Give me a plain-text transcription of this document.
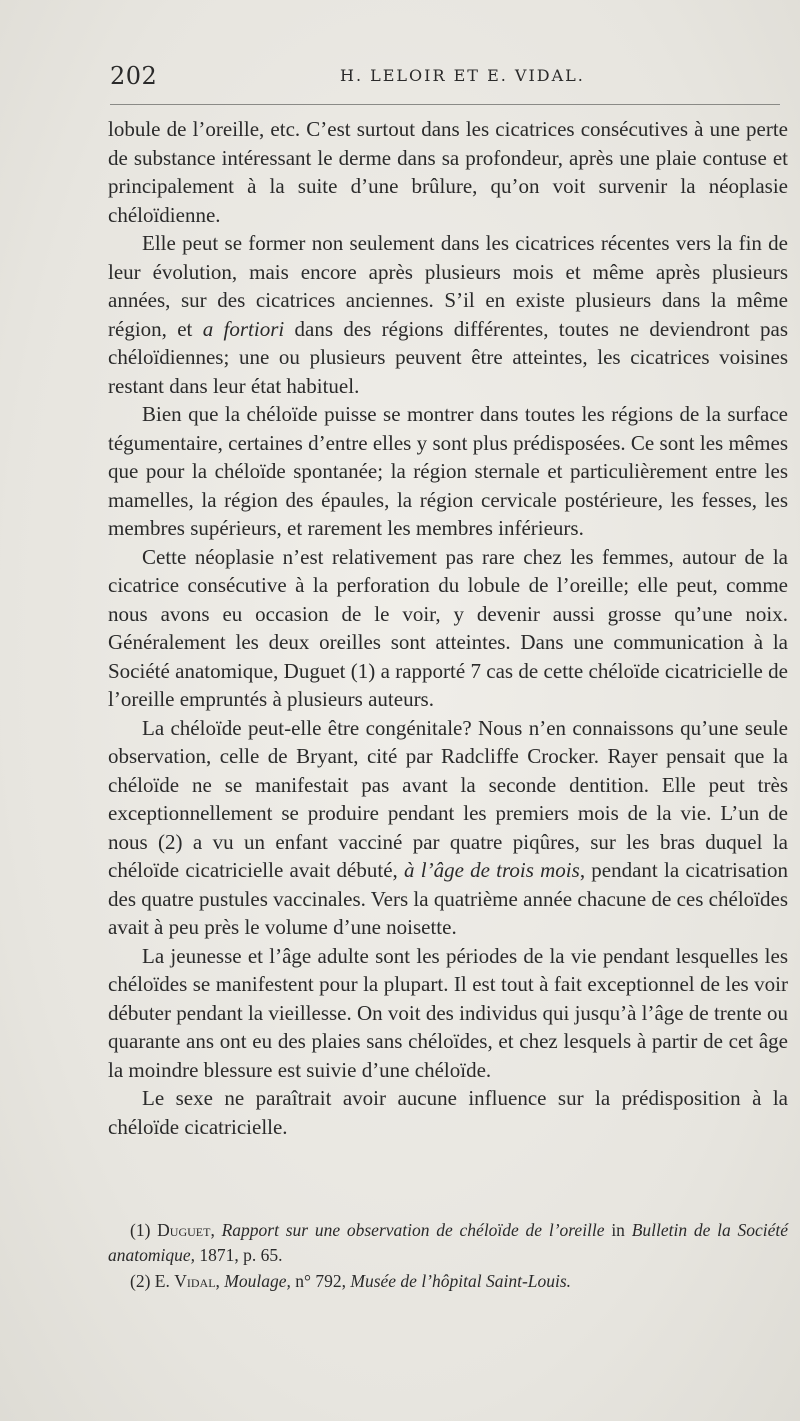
202	H. LELOIR ET E. VIDAL.

lobule de l’oreille, etc. C’est surtout dans les cicatrices consécutives à une perte de substance intéressant le derme dans sa profondeur, après une plaie contuse et principalement à la suite d’une brûlure, qu’on voit survenir la néoplasie chéloïdienne.

Elle peut se former non seulement dans les cicatrices récentes vers la fin de leur évolution, mais encore après plusieurs mois et même après plusieurs années, sur des cicatrices anciennes. S’il en existe plusieurs dans la même région, et a fortiori dans des régions différentes, toutes ne deviendront pas chéloïdiennes; une ou plusieurs peuvent être atteintes, les cicatrices voisines restant dans leur état habituel.

Bien que la chéloïde puisse se montrer dans toutes les régions de la surface tégumentaire, certaines d’entre elles y sont plus prédisposées. Ce sont les mêmes que pour la chéloïde spontanée; la région sternale et particulièrement entre les mamelles, la région des épaules, la région cervicale postérieure, les fesses, les membres supérieurs, et rarement les membres inférieurs.

Cette néoplasie n’est relativement pas rare chez les femmes, autour de la cicatrice consécutive à la perforation du lobule de l’oreille; elle peut, comme nous avons eu occasion de le voir, y devenir aussi grosse qu’une noix. Généralement les deux oreilles sont atteintes. Dans une communication à la Société anatomique, Duguet (1) a rapporté 7 cas de cette chéloïde cicatricielle de l’oreille empruntés à plusieurs auteurs.

La chéloïde peut-elle être congénitale? Nous n’en connaissons qu’une seule observation, celle de Bryant, cité par Radcliffe Crocker. Rayer pensait que la chéloïde ne se manifestait pas avant la seconde dentition. Elle peut très exceptionnellement se produire pendant les premiers mois de la vie. L’un de nous (2) a vu un enfant vacciné par quatre piqûres, sur les bras duquel la chéloïde cicatricielle avait débuté, à l’âge de trois mois, pendant la cicatrisation des quatre pustules vaccinales. Vers la quatrième année chacune de ces chéloïdes avait à peu près le volume d’une noisette.

La jeunesse et l’âge adulte sont les périodes de la vie pendant lesquelles les chéloïdes se manifestent pour la plupart. Il est tout à fait exceptionnel de les voir débuter pendant la vieillesse. On voit des individus qui jusqu’à l’âge de trente ou quarante ans ont eu des plaies sans chéloïdes, et chez lesquels à partir de cet âge la moindre blessure est suivie d’une chéloïde.

Le sexe ne paraîtrait avoir aucune influence sur la prédisposition à la chéloïde cicatricielle.

(1) Duguet, Rapport sur une observation de chéloïde de l’oreille in Bulletin de la Société anatomique, 1871, p. 65.

(2) E. Vidal, Moulage, n° 792, Musée de l’hôpital Saint-Louis.
